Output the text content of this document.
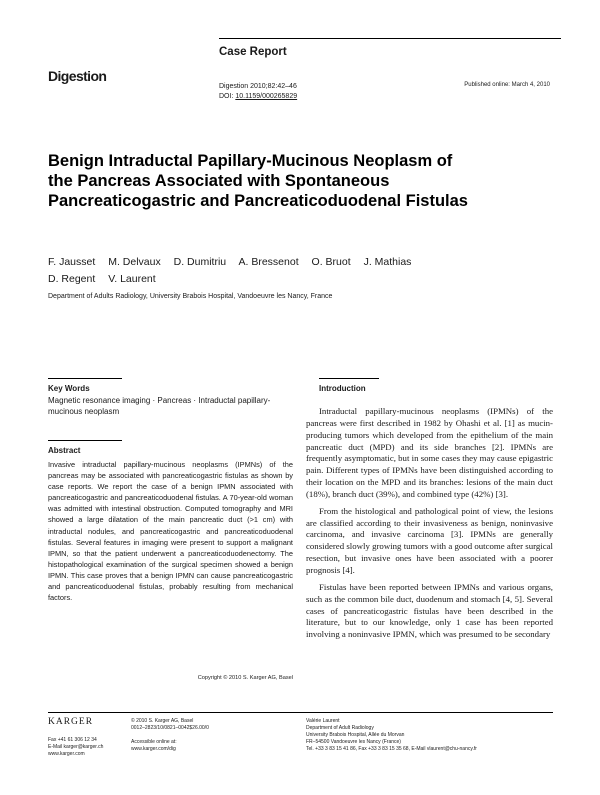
Case Report
Digestion
Digestion 2010;82:42–46
DOI: 10.1159/000265829
Published online: March 4, 2010
Benign Intraductal Papillary-Mucinous Neoplasm of the Pancreas Associated with Spontaneous Pancreaticogastric and Pancreaticoduodenal Fistulas
F. Jausset M. Delvaux D. Dumitriu A. Bressenot O. Bruot J. Mathias
D. Regent V. Laurent
Department of Adults Radiology, University Brabois Hospital, Vandoeuvre les Nancy, France
Key Words
Magnetic resonance imaging · Pancreas · Intraductal papillary-mucinous neoplasm
Abstract
Invasive intraductal papillary-mucinous neoplasms (IPMNs) of the pancreas may be associated with pancreaticogastric fistulas as shown by case reports. We report the case of a benign IPMN associated with pancreaticogastric and pancreaticoduodenal fistulas. A 70-year-old woman was admitted with intestinal obstruction. Computed tomography and MRI showed a large dilatation of the main pancreatic duct (>1 cm) with intraductal nodules, and pancreaticogastric and pancreaticoduodenal fistulas. Several features in imaging were present to support a malignant IPMN, so that the patient underwent a pancreaticoduodenectomy. The histopathological examination of the surgical specimen showed a benign IPMN. This case proves that a benign IPMN can cause pancreaticogastric and pancreaticoduodenal fistulas, probably resulting from mechanical factors.
Copyright © 2010 S. Karger AG, Basel
Introduction

Intraductal papillary-mucinous neoplasms (IPMNs) of the pancreas were first described in 1982 by Ohashi et al. [1] as mucin-producing tumors which developed from the epithelium of the main pancreatic duct (MPD) and its side branches [2]. IPMNs are frequently asymptomatic, but in some cases they may cause epigastric pain. Different types of IPMNs have been distinguished according to their location on the MPD and its branches: lesions of the main duct (18%), branch duct (39%), and combined type (42%) [3].

From the histological and pathological point of view, the lesions are classified according to their invasiveness as benign, noninvasive carcinoma, and invasive carcinoma [3]. IPMNs are generally considered slowly growing tumors with a good outcome after surgical resection, but invasive ones have been associated with a poorer prognosis [4].

Fistulas have been reported between IPMNs and various organs, such as the common bile duct, duodenum and stomach [4, 5]. Several cases of pancreaticogastric fistulas have been described in the literature, but to our knowledge, only 1 case has been reported involving a noninvasive IPMN, which was presumed to be secondary

KARGER
Fax +41 61 306 12 34
E-Mail karger@karger.ch
www.karger.com
© 2010 S. Karger AG, Basel
0012–2823/10/0821–0042$26.00/0

Accessible online at:
www.karger.com/dig
Valérie Laurent
Department of Adult Radiology
University Brabois Hospital, Allée du Morvan
FR–54500 Vandoeuvre les Nancy (France)
Tel. +33 3 83 15 41 86, Fax +33 3 83 15 35 68, E-Mail vlaurent@chu-nancy.fr
